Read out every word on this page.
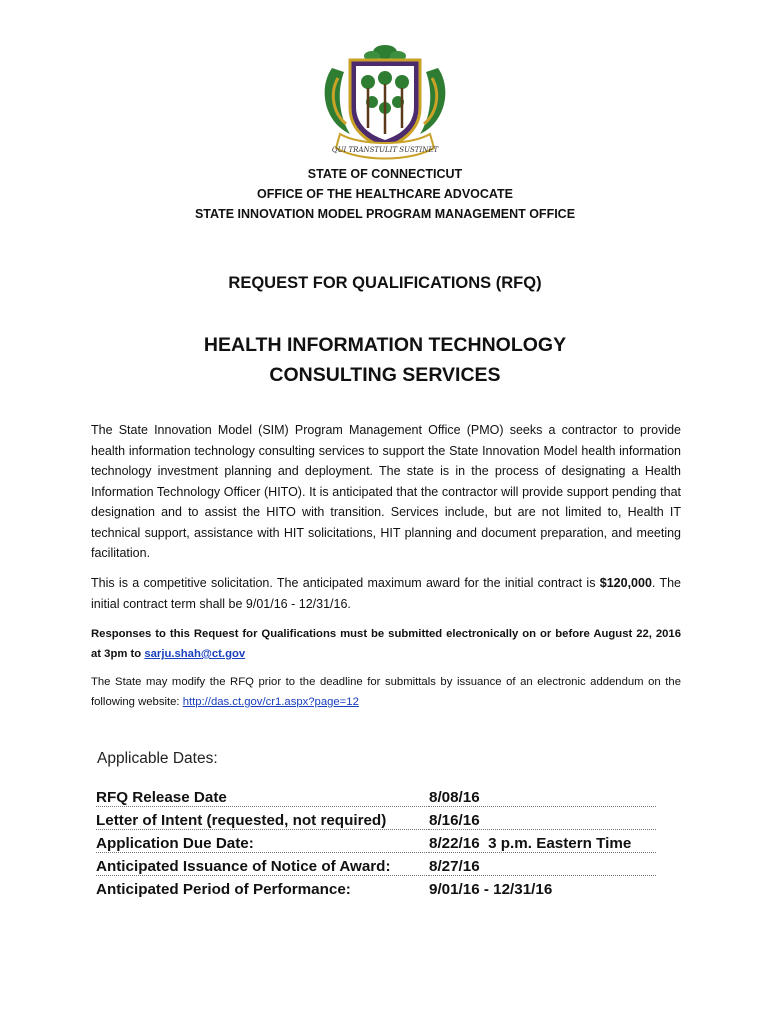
QUI TRANSTULIT SUSTINET
STATE OF CONNECTICUT
OFFICE OF THE HEALTHCARE ADVOCATE
STATE INNOVATION MODEL PROGRAM MANAGEMENT OFFICE
REQUEST FOR QUALIFICATIONS (RFQ)
HEALTH INFORMATION TECHNOLOGY
CONSULTING SERVICES

The State Innovation Model (SIM) Program Management Office (PMO) seeks a contractor to provide health information technology consulting services to support the State Innovation Model health information technology investment planning and deployment. The state is in the process of designating a Health Information Technology Officer (HITO). It is anticipated that the contractor will provide support pending that designation and to assist the HITO with transition. Services include, but are not limited to, Health IT technical support, assistance with HIT solicitations, HIT planning and document preparation, and meeting facilitation.

This is a competitive solicitation. The anticipated maximum award for the initial contract is $120,000. The initial contract term shall be 9/01/16 - 12/31/16.

Responses to this Request for Qualifications must be submitted electronically on or before August 22, 2016 at 3pm to sarju.shah@ct.gov

The State may modify the RFQ prior to the deadline for submittals by issuance of an electronic addendum on the following website: http://das.ct.gov/cr1.aspx?page=12

Applicable Dates:
RFQ Release Date	8/08/16
Letter of Intent (requested, not required)	8/16/16
Application Due Date:	8/22/16  3 p.m. Eastern Time
Anticipated Issuance of Notice of Award:	8/27/16
Anticipated Period of Performance:	9/01/16 - 12/31/16
